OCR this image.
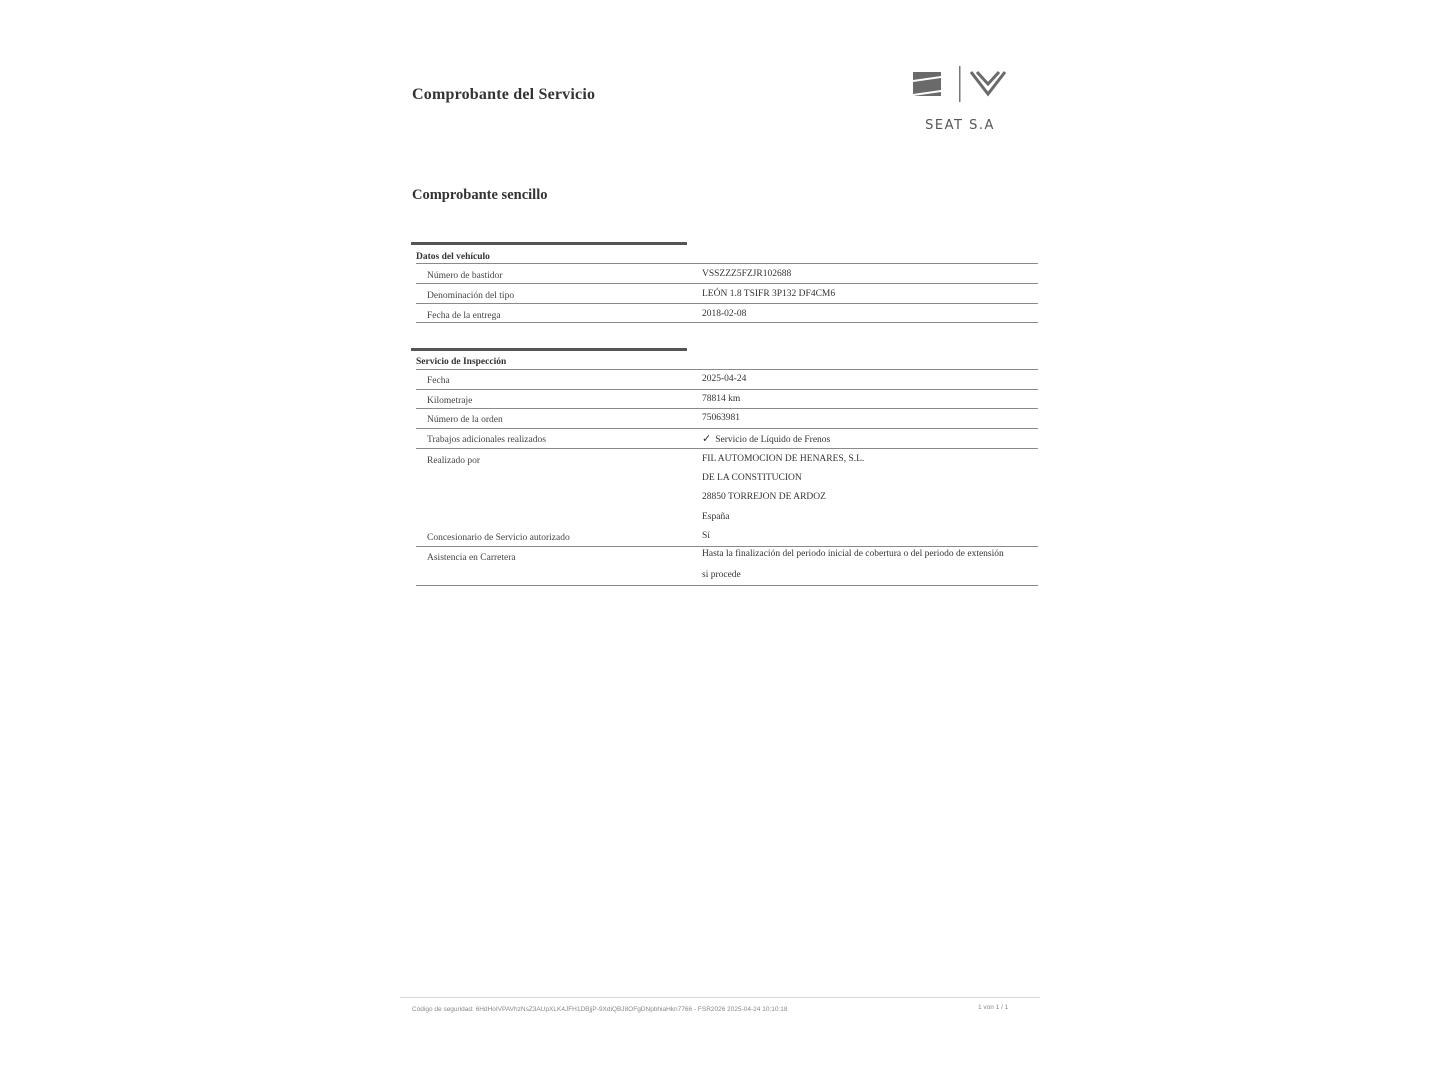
Comprobante del Servicio
SEAT S.A
Comprobante sencillo
Datos del vehículo
Número de bastidor	VSSZZZ5FZJR102688
Denominación del tipo	LEÓN 1.8 TSIFR 3P132 DF4CM6
Fecha de la entrega	2018-02-08
Servicio de Inspección
Fecha	2025-04-24
Kilometraje	78814 km
Número de la orden	75063981
Trabajos adicionales realizados	✓ Servicio de Líquido de Frenos
Realizado por	FIL AUTOMOCION DE HENARES, S.L.
DE LA CONSTITUCION
28850 TORREJON DE ARDOZ
España
Concesionario de Servicio autorizado	Sí
Asistencia en Carretera	Hasta la finalización del periodo inicial de cobertura o del periodo de extensión
si procede
Código de seguridad: 6HdHoIVPAVhzNsZ3AUpXLK4JFH1DBjjP-9XdiQBJ8OFgDNpbhiaHkn7766 - FSR2026 2025-04-24 10:10:18	1 von 1 / 1
